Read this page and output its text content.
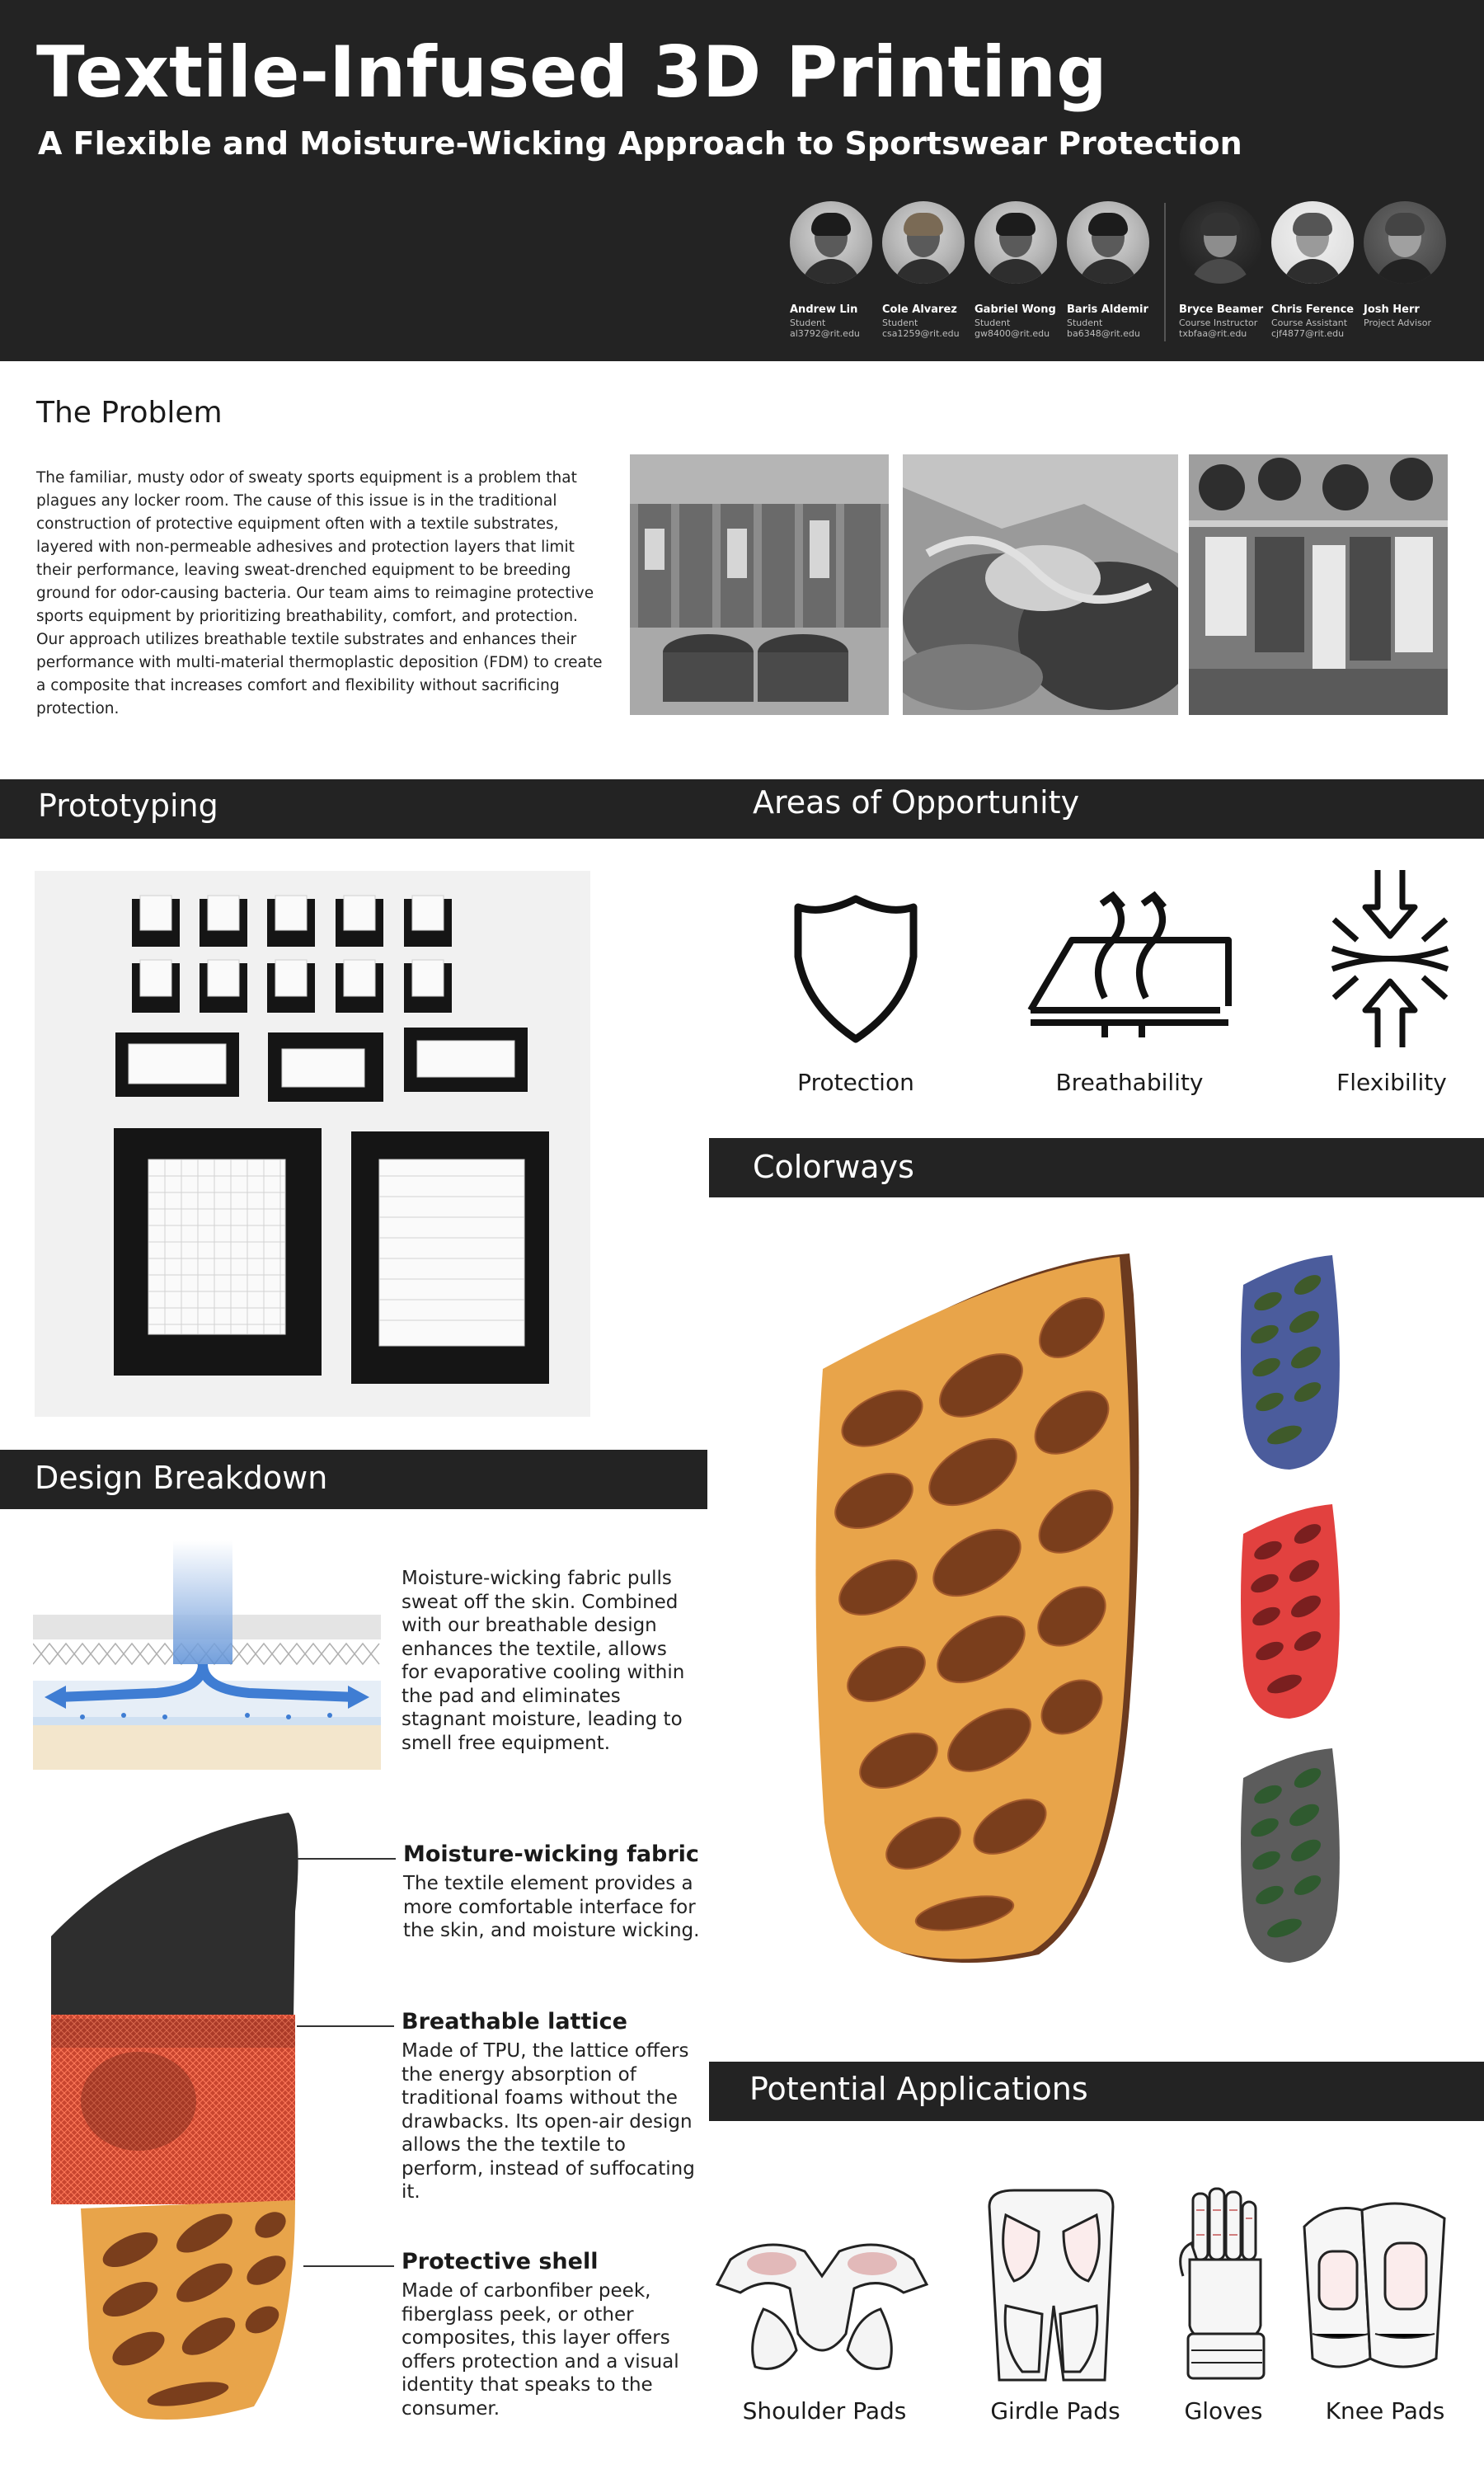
Textile-Infused 3D Printing
A Flexible and Moisture-Wicking Approach to Sportswear Protection
Andrew Lin
Student
al3792@rit.edu
Cole Alvarez
Student
csa1259@rit.edu
Gabriel Wong
Student
gw8400@rit.edu
Baris Aldemir
Student
ba6348@rit.edu
Bryce Beamer
Course Instructor
txbfaa@rit.edu
Chris Ference
Course Assistant
cjf4877@rit.edu
Josh Herr
Project Advisor
The Problem
The familiar, musty odor of sweaty sports equipment is a problem that plagues any locker room. The cause of this issue is in the traditional construction of protective equipment often with a textile substrates, layered with non-permeable adhesives and protection layers that limit their performance, leaving sweat-drenched equipment to be breeding ground for odor-causing bacteria. Our team aims to reimagine protective sports equipment by prioritizing breathability, comfort, and protection. Our approach utilizes breathable textile substrates and enhances their performance with multi-material thermoplastic deposition (FDM) to create a composite that increases comfort and flexibility without sacrificing protection.
Prototyping	Areas of Opportunity
Protection	Breathability	Flexibility
Colorways
Design Breakdown
Moisture-wicking fabric pulls sweat off the skin. Combined with our breathable design enhances the textile, allows for evaporative cooling within the pad and eliminates stagnant moisture, leading to smell free equipment.
Moisture-wicking fabric
The textile element provides a more comfortable interface for the skin, and moisture wicking.
Breathable lattice
Made of TPU, the lattice offers the energy absorption of traditional foams without the drawbacks. Its open-air design allows the the textile to perform, instead of suffocating it.
Protective shell
Made of carbonfiber peek, fiberglass peek, or other composites, this layer offers offers protection and a visual identity that speaks to the consumer.
Potential Applications
Shoulder Pads	Girdle Pads	Gloves	Knee Pads
